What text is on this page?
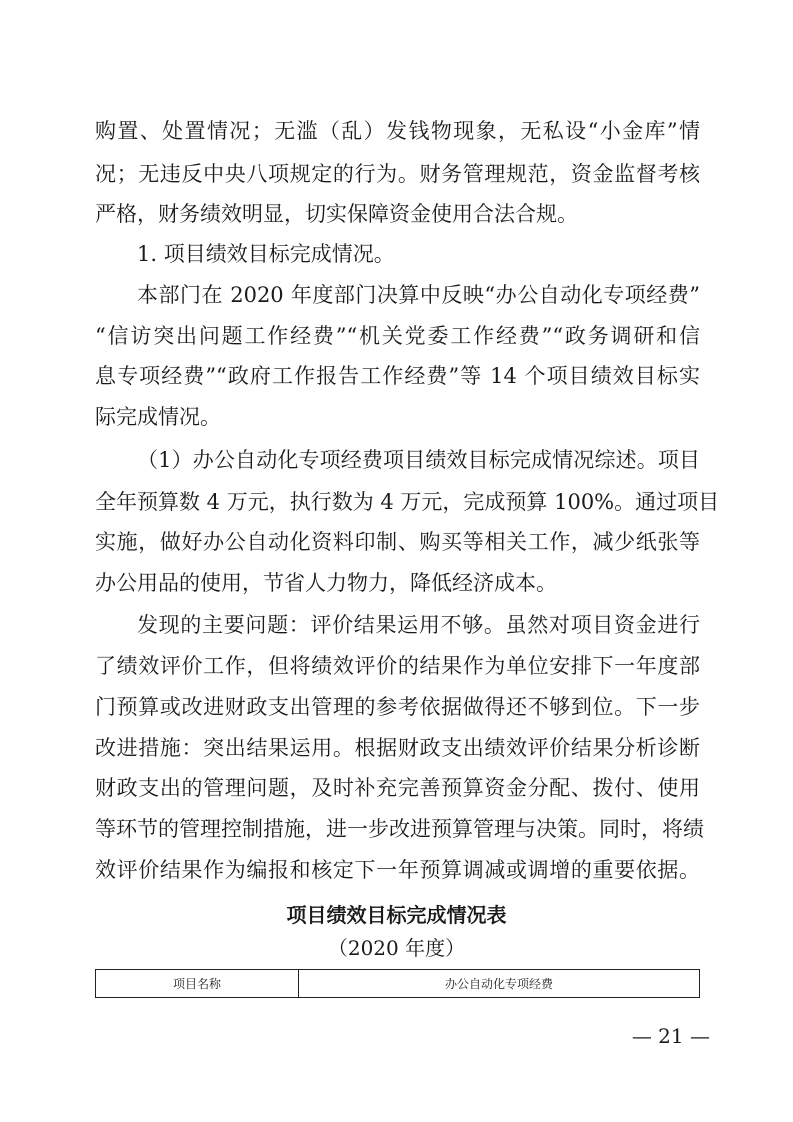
购置、处置情况；无滥（乱）发钱物现象，无私设“小金库”情
况；无违反中央八项规定的行为。财务管理规范，资金监督考核
严格，财务绩效明显，切实保障资金使用合法合规。
1. 项目绩效目标完成情况。
本部门在 2020 年度部门决算中反映“办公自动化专项经费”
“信访突出问题工作经费”“机关党委工作经费”“政务调研和信
息专项经费”“政府工作报告工作经费”等 14 个项目绩效目标实
际完成情况。
（1）办公自动化专项经费项目绩效目标完成情况综述。项目
全年预算数 4 万元，执行数为 4 万元，完成预算 100%。通过项目
实施，做好办公自动化资料印制、购买等相关工作，减少纸张等
办公用品的使用，节省人力物力，降低经济成本。
发现的主要问题：评价结果运用不够。虽然对项目资金进行
了绩效评价工作，但将绩效评价的结果作为单位安排下一年度部
门预算或改进财政支出管理的参考依据做得还不够到位。下一步
改进措施：突出结果运用。根据财政支出绩效评价结果分析诊断
财政支出的管理问题，及时补充完善预算资金分配、拨付、使用
等环节的管理控制措施，进一步改进预算管理与决策。同时，将绩
效评价结果作为编报和核定下一年预算调减或调增的重要依据。
项目绩效目标完成情况表
（2020 年度）
项目名称	办公自动化专项经费
— 21 —
